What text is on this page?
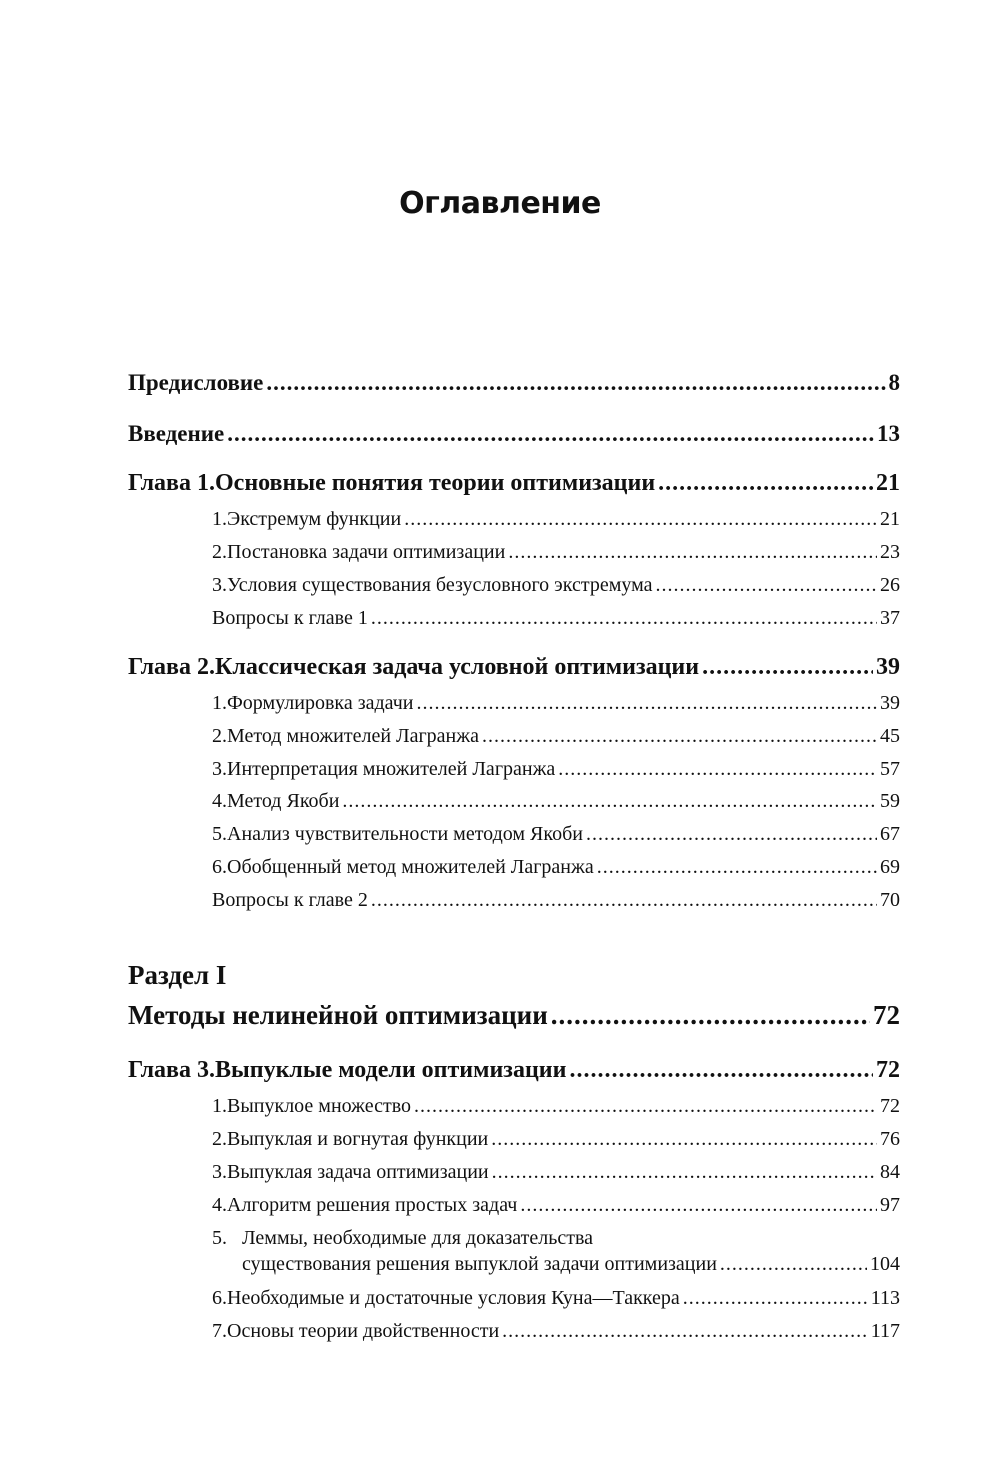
Оглавление
Предисловие .....	8
Введение .....	13
Глава 1. Основные понятия теории оптимизации .....	21
1. Экстремум функции .....	21
2. Постановка задачи оптимизации .....	23
3. Условия существования безусловного экстремума .....	26
Вопросы к главе 1 .....	37
Глава 2. Классическая задача условной оптимизации .....	39
1. Формулировка задачи .....	39
2. Метод множителей Лагранжа .....	45
3. Интерпретация множителей Лагранжа .....	57
4. Метод Якоби .....	59
5. Анализ чувствительности методом Якоби .....	67
6. Обобщенный метод множителей Лагранжа .....	69
Вопросы к главе 2 .....	70
Раздел I
Методы нелинейной оптимизации .....	72
Глава 3. Выпуклые модели оптимизации .....	72
1. Выпуклое множество .....	72
2. Выпуклая и вогнутая функции .....	76
3. Выпуклая задача оптимизации .....	84
4. Алгоритм решения простых задач .....	97
5. Леммы, необходимые для доказательства
существования решения выпуклой задачи оптимизации .....	104
6. Необходимые и достаточные условия Куна—Таккера .....	113
7. Основы теории двойственности .....	117
